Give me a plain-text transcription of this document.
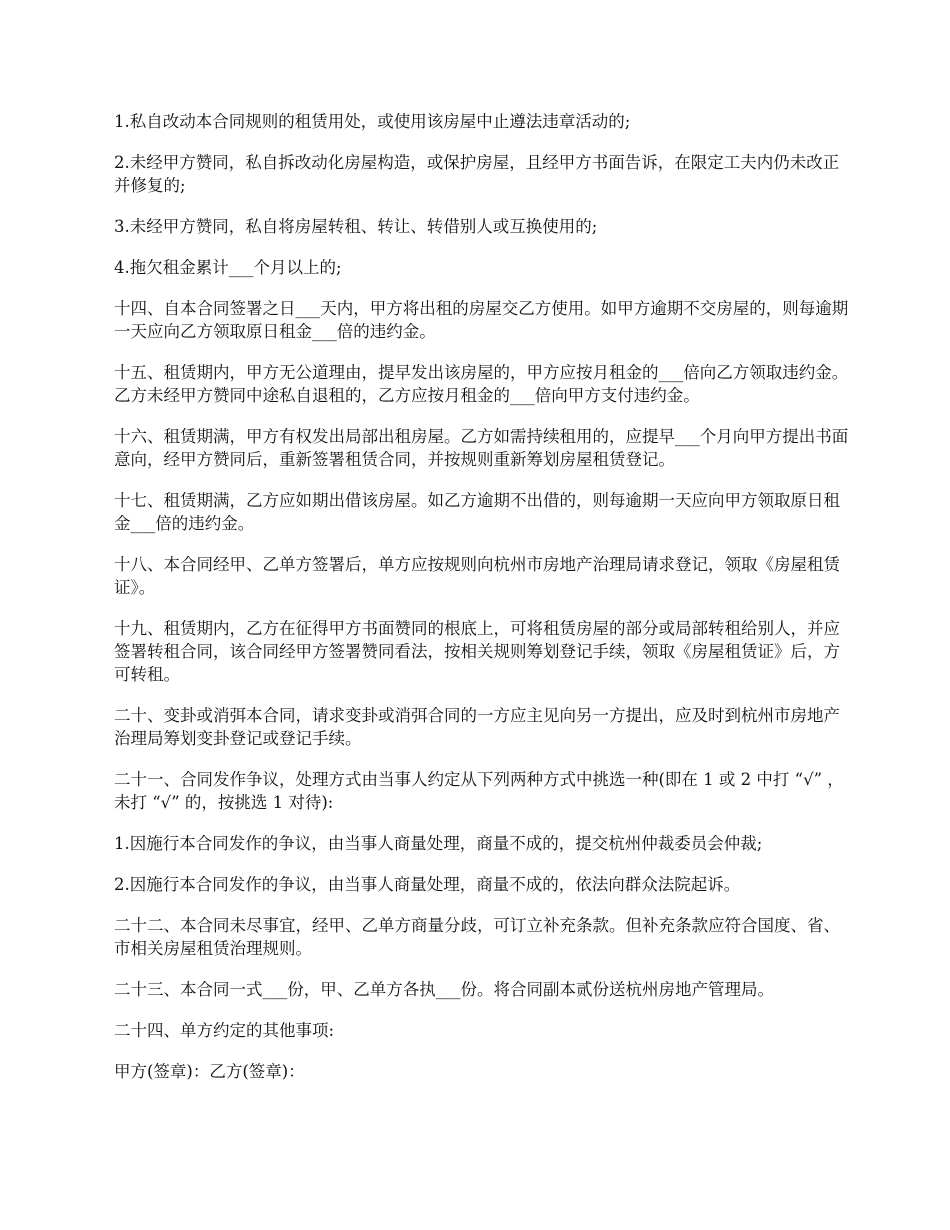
1.私自改动本合同规则的租赁用处，或使用该房屋中止遵法违章活动的;

2.未经甲方赞同，私自拆改动化房屋构造，或保护房屋，且经甲方书面告诉，在限定工夫内仍未改正并修复的;

3.未经甲方赞同，私自将房屋转租、转让、转借别人或互换使用的;

4.拖欠租金累计___个月以上的;

十四、自本合同签署之日___天内，甲方将出租的房屋交乙方使用。如甲方逾期不交房屋的，则每逾期一天应向乙方领取原日租金___倍的违约金。

十五、租赁期内，甲方无公道理由，提早发出该房屋的，甲方应按月租金的___倍向乙方领取违约金。乙方未经甲方赞同中途私自退租的，乙方应按月租金的___倍向甲方支付违约金。

十六、租赁期满，甲方有权发出局部出租房屋。乙方如需持续租用的，应提早___个月向甲方提出书面意向，经甲方赞同后，重新签署租赁合同，并按规则重新筹划房屋租赁登记。

十七、租赁期满，乙方应如期出借该房屋。如乙方逾期不出借的，则每逾期一天应向甲方领取原日租金___倍的违约金。

十八、本合同经甲、乙单方签署后，单方应按规则向杭州市房地产治理局请求登记，领取《房屋租赁证》。

十九、租赁期内，乙方在征得甲方书面赞同的根底上，可将租赁房屋的部分或局部转租给别人，并应签署转租合同，该合同经甲方签署赞同看法，按相关规则筹划登记手续，领取《房屋租赁证》后，方可转租。

二十、变卦或消弭本合同，请求变卦或消弭合同的一方应主见向另一方提出，应及时到杭州市房地产治理局筹划变卦登记或登记手续。

二十一、合同发作争议，处理方式由当事人约定从下列两种方式中挑选一种(即在 1 或 2 中打 “√” ，未打 “√” 的，按挑选 1 对待):

1.因施行本合同发作的争议，由当事人商量处理，商量不成的，提交杭州仲裁委员会仲裁;

2.因施行本合同发作的争议，由当事人商量处理，商量不成的，依法向群众法院起诉。

二十二、本合同未尽事宜，经甲、乙单方商量分歧，可订立补充条款。但补充条款应符合国度、省、市相关房屋租赁治理规则。

二十三、本合同一式___份，甲、乙单方各执___份。将合同副本贰份送杭州房地产管理局。

二十四、单方约定的其他事项:

甲方(签章)：乙方(签章)：
